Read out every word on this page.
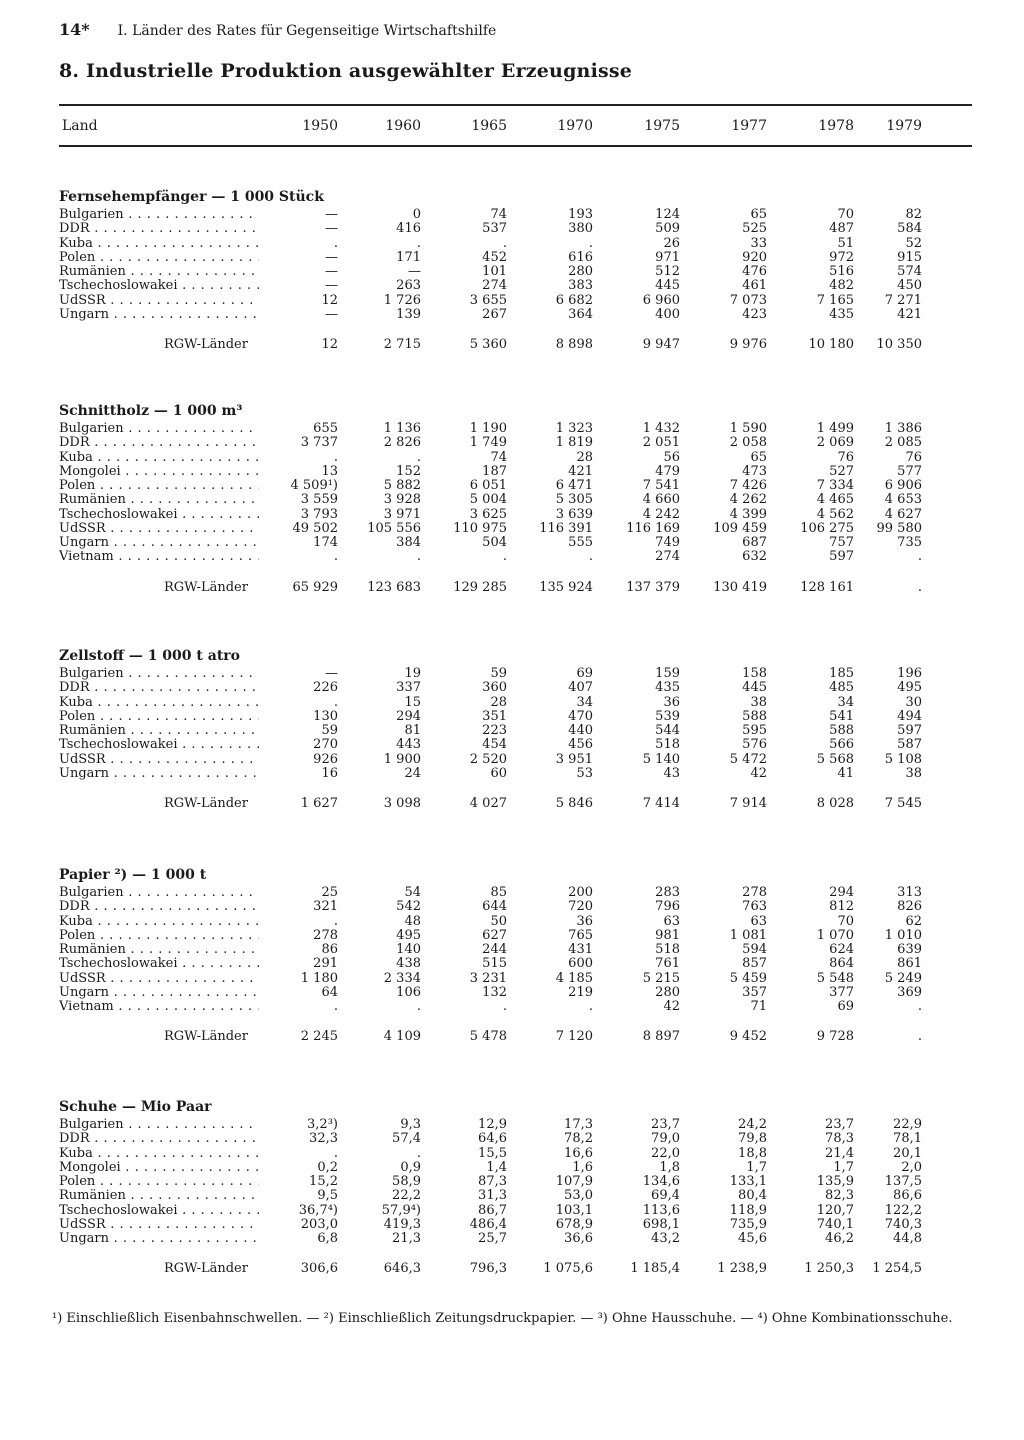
14* I. Länder des Rates für Gegenseitige Wirtschaftshilfe
8. Industrielle Produktion ausgewählter Erzeugnisse
Land	1950	1960	1965	1970	1975	1977	1978	1979
Fernsehempfänger — 1 000 Stück
Bulgarien . . .	—	0	74	193	124	65	70	82
DDR . . .	—	416	537	380	509	525	487	584
Kuba . . .	.	.	.	.	26	33	51	52
Polen . . .	—	171	452	616	971	920	972	915
Rumänien . . .	—	—	101	280	512	476	516	574
Tschechoslowakei . . .	—	263	274	383	445	461	482	450
UdSSR . . .	12	1 726	3 655	6 682	6 960	7 073	7 165	7 271
Ungarn . . .	—	139	267	364	400	423	435	421
RGW-Länder	12	2 715	5 360	8 898	9 947	9 976	10 180	10 350
Schnittholz — 1 000 m³
Bulgarien . . .	655	1 136	1 190	1 323	1 432	1 590	1 499	1 386
DDR . . .	3 737	2 826	1 749	1 819	2 051	2 058	2 069	2 085
Kuba . . .	.	.	74	28	56	65	76	76
Mongolei . . .	13	152	187	421	479	473	527	577
Polen . . .	4 509¹)	5 882	6 051	6 471	7 541	7 426	7 334	6 906
Rumänien . . .	3 559	3 928	5 004	5 305	4 660	4 262	4 465	4 653
Tschechoslowakei . . .	3 793	3 971	3 625	3 639	4 242	4 399	4 562	4 627
UdSSR . . .	49 502	105 556	110 975	116 391	116 169	109 459	106 275	99 580
Ungarn . . .	174	384	504	555	749	687	757	735
Vietnam . . .	.	.	.	.	274	632	597	.
RGW-Länder	65 929	123 683	129 285	135 924	137 379	130 419	128 161	.
Zellstoff — 1 000 t atro
Bulgarien . . .	—	19	59	69	159	158	185	196
DDR . . .	226	337	360	407	435	445	485	495
Kuba . . .	.	15	28	34	36	38	34	30
Polen . . .	130	294	351	470	539	588	541	494
Rumänien . . .	59	81	223	440	544	595	588	597
Tschechoslowakei . . .	270	443	454	456	518	576	566	587
UdSSR . . .	926	1 900	2 520	3 951	5 140	5 472	5 568	5 108
Ungarn . . .	16	24	60	53	43	42	41	38
RGW-Länder	1 627	3 098	4 027	5 846	7 414	7 914	8 028	7 545
Papier ²) — 1 000 t
Bulgarien . . .	25	54	85	200	283	278	294	313
DDR . . .	321	542	644	720	796	763	812	826
Kuba . . .	.	48	50	36	63	63	70	62
Polen . . .	278	495	627	765	981	1 081	1 070	1 010
Rumänien . . .	86	140	244	431	518	594	624	639
Tschechoslowakei . . .	291	438	515	600	761	857	864	861
UdSSR . . .	1 180	2 334	3 231	4 185	5 215	5 459	5 548	5 249
Ungarn . . .	64	106	132	219	280	357	377	369
Vietnam . . .	.	.	.	.	42	71	69	.
RGW-Länder	2 245	4 109	5 478	7 120	8 897	9 452	9 728	.
Schuhe — Mio Paar
Bulgarien . . .	3,2³)	9,3	12,9	17,3	23,7	24,2	23,7	22,9
DDR . . .	32,3	57,4	64,6	78,2	79,0	79,8	78,3	78,1
Kuba . . .	.	.	15,5	16,6	22,0	18,8	21,4	20,1
Mongolei . . .	0,2	0,9	1,4	1,6	1,8	1,7	1,7	2,0
Polen . . .	15,2	58,9	87,3	107,9	134,6	133,1	135,9	137,5
Rumänien . . .	9,5	22,2	31,3	53,0	69,4	80,4	82,3	86,6
Tschechoslowakei . . .	36,7⁴)	57,9⁴)	86,7	103,1	113,6	118,9	120,7	122,2
UdSSR . . .	203,0	419,3	486,4	678,9	698,1	735,9	740,1	740,3
Ungarn . . .	6,8	21,3	25,7	36,6	43,2	45,6	46,2	44,8
RGW-Länder	306,6	646,3	796,3	1 075,6	1 185,4	1 238,9	1 250,3	1 254,5

¹) Einschließlich Eisenbahnschwellen. — ²) Einschließlich Zeitungsdruckpapier. — ³) Ohne Hausschuhe. — ⁴) Ohne Kombinationsschuhe.
